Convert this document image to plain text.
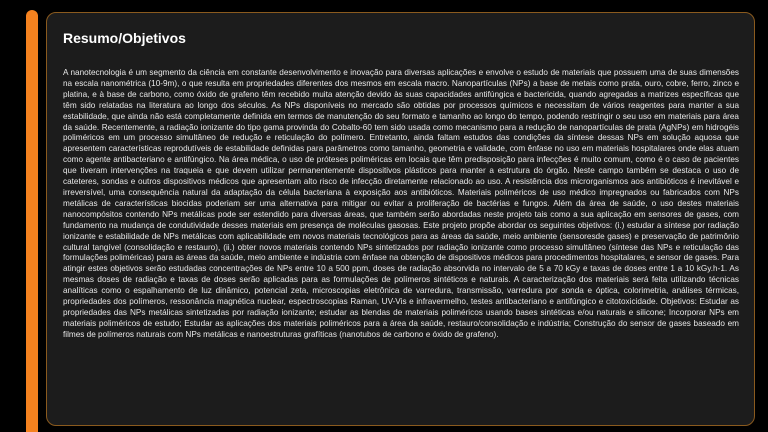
Resumo/Objetivos

A nanotecnologia é um segmento da ciência em constante desenvolvimento e inovação para diversas aplicações e envolve o estudo de materiais que possuem uma de suas dimensões na escala nanométrica (10-9m), o que resulta em propriedades diferentes dos mesmos em escala macro. Nanopartículas (NPs) a base de metais como prata, ouro, cobre, ferro, zinco e platina, e à base de carbono, como óxido de grafeno têm recebido muita atenção devido às suas capacidades antifúngica e bactericida, quando agregadas a matrizes específicas que têm sido relatadas na literatura ao longo dos séculos. As NPs disponíveis no mercado são obtidas por processos químicos e necessitam de vários reagentes para manter a sua estabilidade, que ainda não está completamente definida em termos de manutenção do seu formato e tamanho ao longo do tempo, podendo restringir o seu uso em materiais para área da saúde. Recentemente, a radiação ionizante do tipo gama provinda do Cobalto-60 tem sido usada como mecanismo para a redução de nanopartículas de prata (AgNPs) em hidrogéis poliméricos em um processo simultâneo de redução e reticulação do polímero. Entretanto, ainda faltam estudos das condições da síntese dessas NPs em solução aquosa que apresentem características reprodutíveis de estabilidade definidas para parâmetros como tamanho, geometria e validade, com ênfase no uso em materiais hospitalares onde elas atuam como agente antibacteriano e antifúngico. Na área médica, o uso de próteses poliméricas em locais que têm predisposição para infecções é muito comum, como é o caso de pacientes que tiveram intervenções na traqueia e que devem utilizar permanentemente dispositivos plásticos para manter a estrutura do órgão. Neste campo também se destaca o uso de cateteres, sondas e outros dispositivos médicos que apresentam alto risco de infecção diretamente relacionado ao uso. A resistência dos microrganismos aos antibióticos é inevitável e irreversível, uma consequência natural da adaptação da célula bacteriana à exposição aos antibióticos. Materiais poliméricos de uso médico impregnados ou fabricados com NPs metálicas de características biocidas poderiam ser uma alternativa para mitigar ou evitar a proliferação de bactérias e fungos. Além da área de saúde, o uso destes materiais nanocompósitos contendo NPs metálicas pode ser estendido para diversas áreas, que também serão abordadas neste projeto tais como a sua aplicação em sensores de gases, com fundamento na mudança de condutividade desses materiais em presença de moléculas gasosas. Este projeto propõe abordar os seguintes objetivos: (i.) estudar a síntese por radiação ionizante e estabilidade de NPs metálicas com aplicabilidade em novos materiais tecnológicos para as áreas da saúde, meio ambiente (sensoresde gases) e preservação de patrimônio cultural tangível (consolidação e restauro), (ii.) obter novos materiais contendo NPs sintetizados por radiação ionizante como processo simultâneo (síntese das NPs e reticulação das formulações poliméricas) para as áreas da saúde, meio ambiente e indústria com ênfase na obtenção de dispositivos médicos para procedimentos hospitalares, e sensor de gases. Para atingir estes objetivos serão estudadas concentrações de NPs entre 10 a 500 ppm, doses de radiação absorvida no intervalo de 5 a 70 kGy e taxas de doses entre 1 a 10 kGy.h-1. As mesmas doses de radiação e taxas de doses serão aplicadas para as formulações de polímeros sintéticos e naturais. A caracterização dos materiais será feita utilizando técnicas analíticas como o espalhamento de luz dinâmico, potencial zeta, microscopias eletrônica de varredura, transmissão, varredura por sonda e óptica, colorimetria, análises térmicas, propriedades dos polímeros, ressonância magnética nuclear, espectroscopias Raman, UV-Vis e infravermelho, testes antibacteriano e antifúngico e citotoxicidade. Objetivos: Estudar as propriedades das NPs metálicas sintetizadas por radiação ionizante; estudar as blendas de materiais poliméricos usando bases sintéticas e/ou naturais e silicone; Incorporar NPs em materiais poliméricos de estudo; Estudar as aplicações dos materiais poliméricos para a área da saúde, restauro/consolidação e indústria; Construção do sensor de gases baseado em filmes de polímeros naturais com NPs metálicas e nanoestruturas grafíticas (nanotubos de carbono e óxido de grafeno).
